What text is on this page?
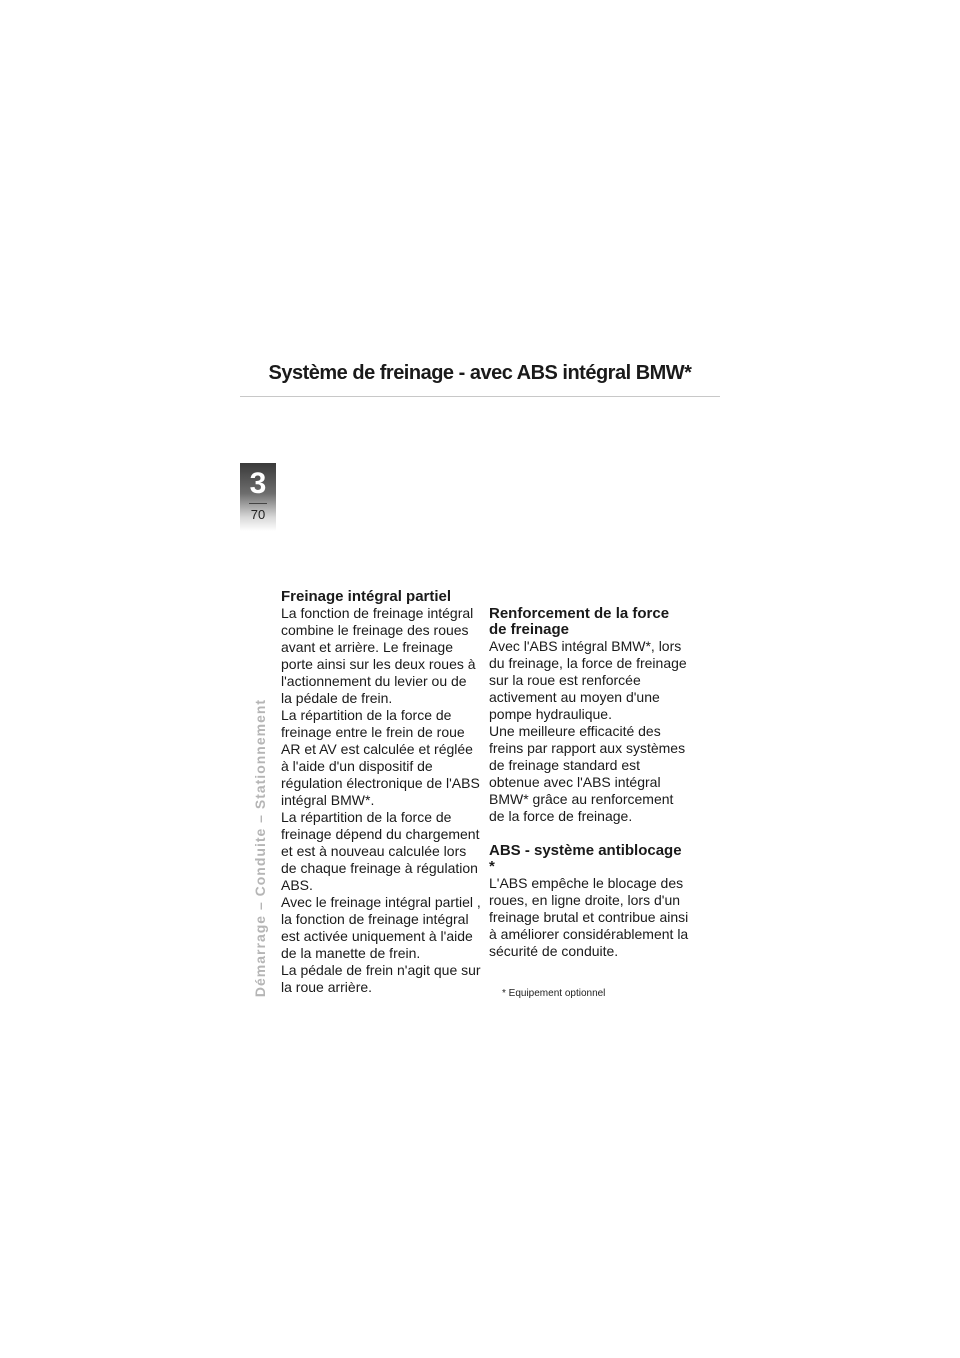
Système de freinage - avec ABS intégral BMW*
3
70
Démarrage – Conduite – Stationnement
Freinage intégral partiel

La fonction de freinage intégral combine le freinage des roues avant et arrière. Le freinage porte ainsi sur les deux roues à l'actionnement du levier ou de la pédale de frein.

La répartition de la force de freinage entre le frein de roue AR et AV est calculée et réglée à l'aide d'un dispositif de régulation électronique de l'ABS intégral BMW*.

La répartition de la force de freinage dépend du chargement et est à nouveau calculée lors de chaque freinage à régulation ABS.

Avec le freinage intégral partiel , la fonction de freinage intégral est activée uniquement à l'aide de la manette de frein.

La pédale de frein n'agit que sur la roue arrière.

Renforcement de la force de freinage

Avec l'ABS intégral BMW*, lors du freinage, la force de freinage sur la roue est renforcée activement au moyen d'une pompe hydraulique.

Une meilleure efficacité des freins par rapport aux systèmes de freinage standard est obtenue avec l'ABS intégral BMW* grâce au renforcement de la force de freinage.

ABS - système antiblocage *

L'ABS empêche le blocage des roues, en ligne droite, lors d'un freinage brutal et contribue ainsi à améliorer considérablement la sécurité de conduite.

* Equipement optionnel
